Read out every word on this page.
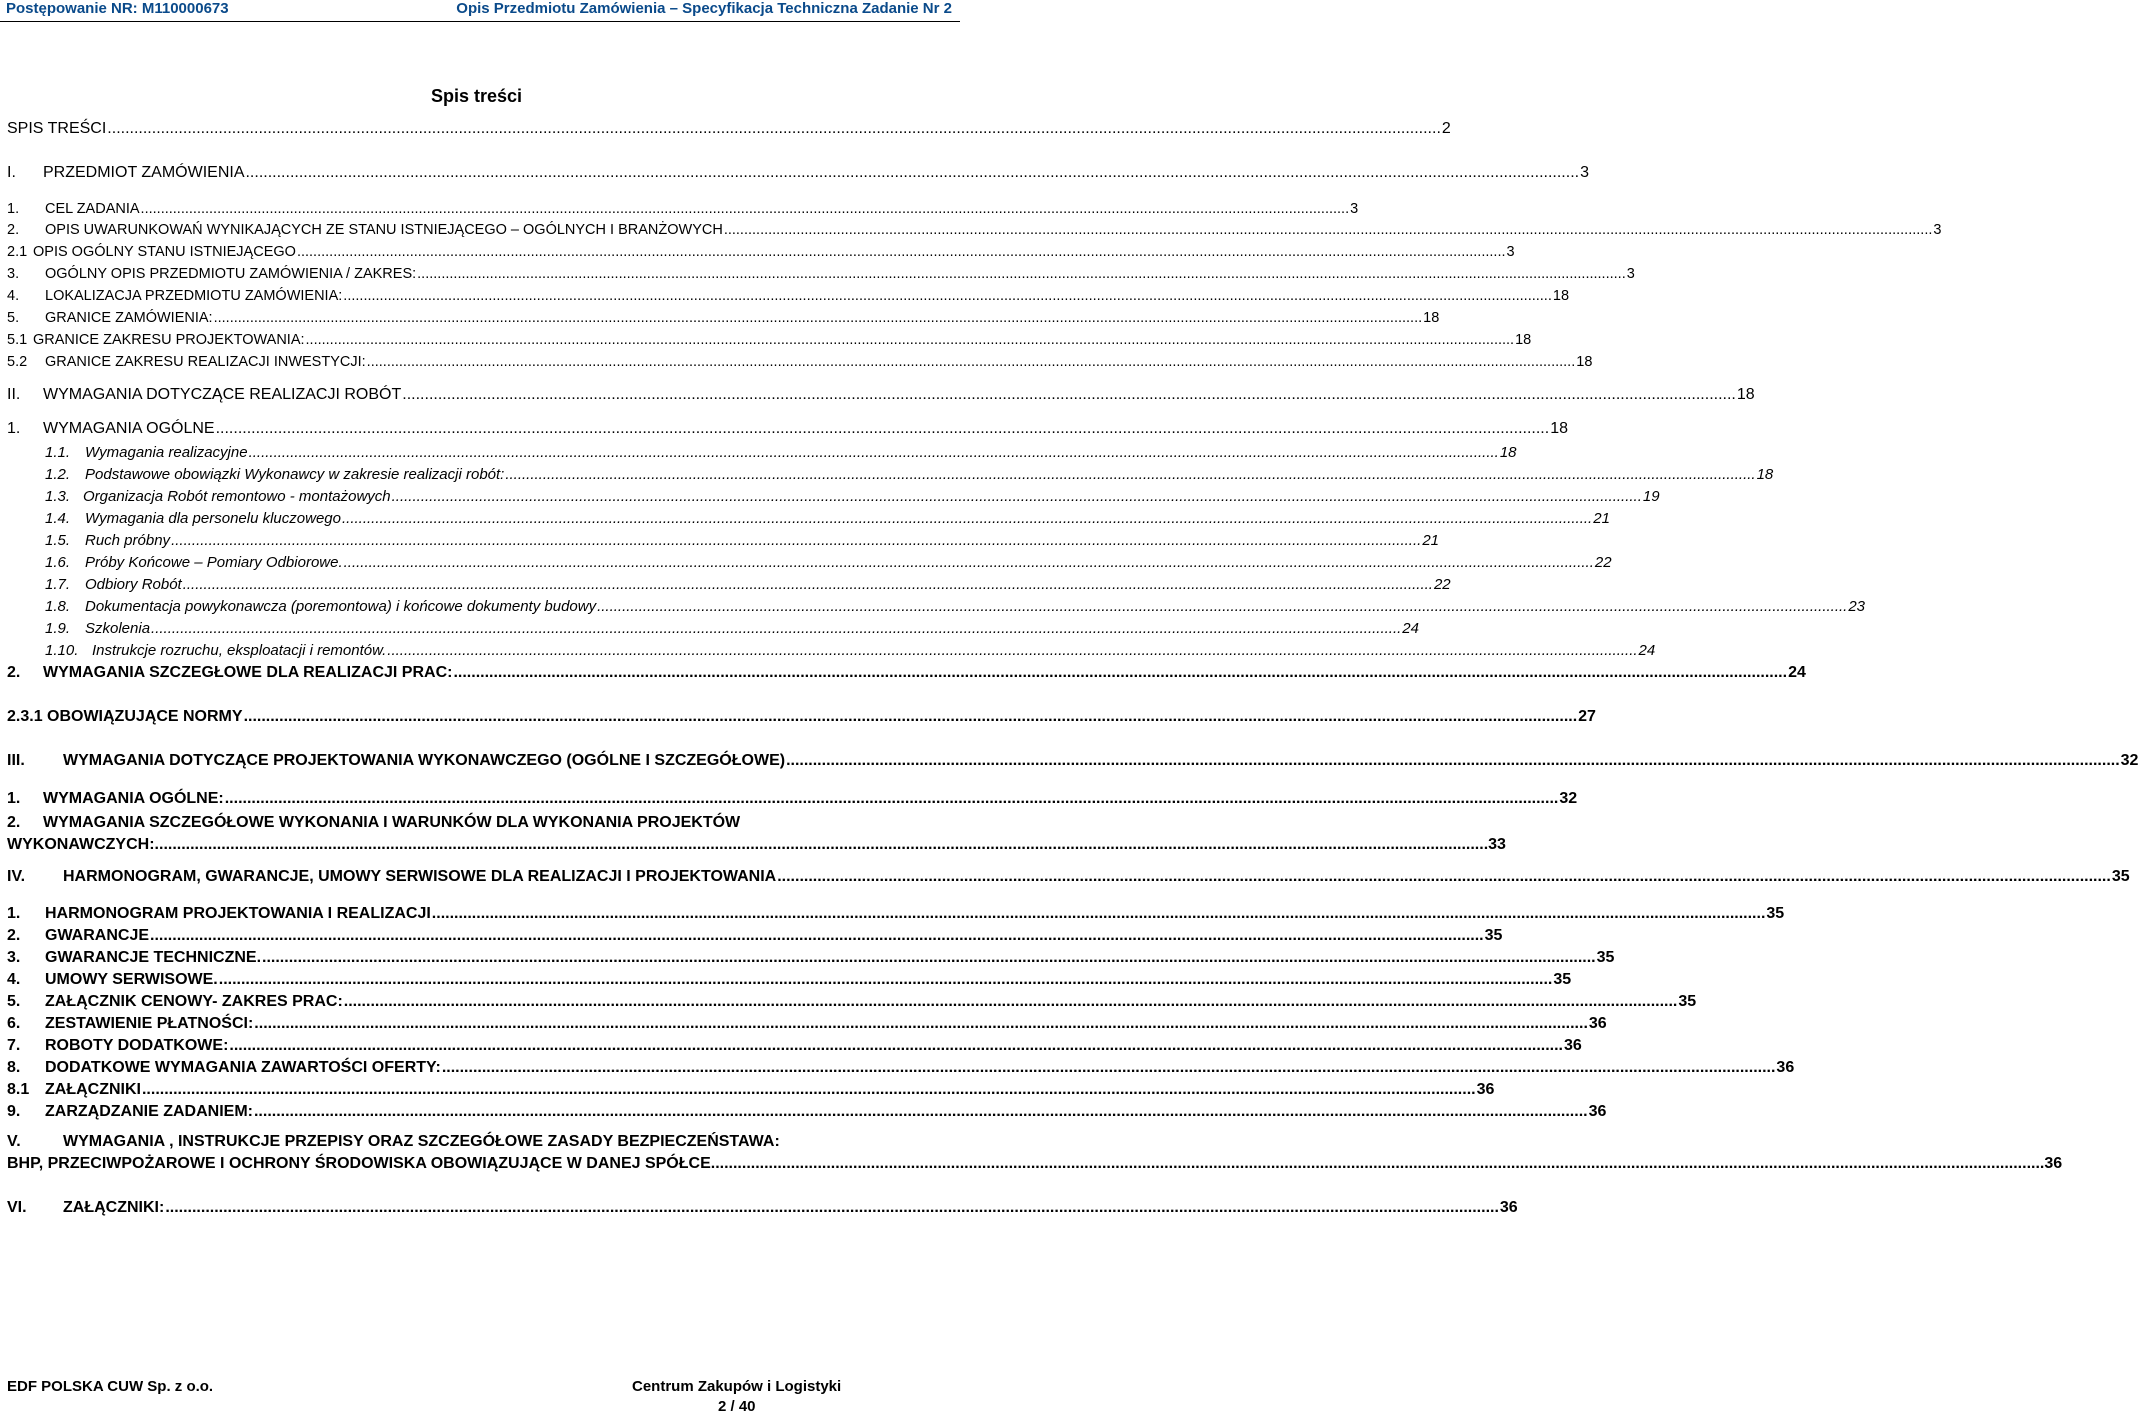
Postępowanie NR: M110000673	Opis Przedmiotu Zamówienia – Specyfikacja Techniczna Zadanie Nr 2
Spis treści
SPIS TREŚCI ............................................................................................................................................................................................................................................................................................................ 2
I.	PRZEDMIOT ZAMÓWIENIA ............................................................................................................................................................................................................................................................................................................ 3
1.	CEL ZADANIA ............................................................................................................................................................................................................................................................................................................ 3
2.	OPIS UWARUNKOWAŃ WYNIKAJĄCYCH ZE STANU ISTNIEJĄCEGO – OGÓLNYCH I BRANŻOWYCH ............................................................................................................................................................................................................................................................................................................ 3
2.1 OPIS OGÓLNY STANU ISTNIEJĄCEGO ............................................................................................................................................................................................................................................................................................................ 3
3.	OGÓLNY OPIS PRZEDMIOTU ZAMÓWIENIA / ZAKRES: ............................................................................................................................................................................................................................................................................................................ 3
4.	LOKALIZACJA PRZEDMIOTU ZAMÓWIENIA: ............................................................................................................................................................................................................................................................................................................ 18
5.	GRANICE ZAMÓWIENIA: ............................................................................................................................................................................................................................................................................................................ 18
5.1 GRANICE ZAKRESU PROJEKTOWANIA: ............................................................................................................................................................................................................................................................................................................ 18
5.2	GRANICE ZAKRESU REALIZACJI INWESTYCJI: ............................................................................................................................................................................................................................................................................................................ 18
II.	WYMAGANIA DOTYCZĄCE REALIZACJI ROBÓT ............................................................................................................................................................................................................................................................................................................ 18
1.	WYMAGANIA OGÓLNE ............................................................................................................................................................................................................................................................................................................ 18
1.1. Wymagania realizacyjne ............................................................................................................................................................................................................................................................................................................ 18
1.2. Podstawowe obowiązki Wykonawcy w zakresie realizacji robót: ............................................................................................................................................................................................................................................................................................................ 18
1.3. Organizacja Robót remontowo - montażowych ............................................................................................................................................................................................................................................................................................................ 19
1.4. Wymagania dla personelu kluczowego ............................................................................................................................................................................................................................................................................................................ 21
1.5. Ruch próbny ............................................................................................................................................................................................................................................................................................................ 21
1.6. Próby Końcowe – Pomiary Odbiorowe. ............................................................................................................................................................................................................................................................................................................ 22
1.7. Odbiory Robót ............................................................................................................................................................................................................................................................................................................ 22
1.8. Dokumentacja powykonawcza (poremontowa) i końcowe dokumenty budowy ............................................................................................................................................................................................................................................................................................................ 23
1.9. Szkolenia ............................................................................................................................................................................................................................................................................................................ 24
1.10. Instrukcje rozruchu, eksploatacji i remontów. ............................................................................................................................................................................................................................................................................................................ 24
2.	WYMAGANIA SZCZEGŁOWE DLA REALIZACJI PRAC: ............................................................................................................................................................................................................................................................................................................ 24
2.3.1 OBOWIĄZUJĄCE NORMY ............................................................................................................................................................................................................................................................................................................ 27
III.	WYMAGANIA DOTYCZĄCE PROJEKTOWANIA WYKONAWCZEGO (OGÓLNE I SZCZEGÓŁOWE) ............................................................................................................................................................................................................................................................................................................ 32
1.	WYMAGANIA OGÓLNE: ............................................................................................................................................................................................................................................................................................................ 32
2. WYMAGANIA SZCZEGÓŁOWE WYKONANIA I WARUNKÓW DLA WYKONANIA PROJEKTÓW
WYKONAWCZYCH: ............................................................................................................................................................................................................................................................................................................ 33
IV.	HARMONOGRAM, GWARANCJE, UMOWY SERWISOWE DLA REALIZACJI I PROJEKTOWANIA ............................................................................................................................................................................................................................................................................................................ 35
1.	HARMONOGRAM PROJEKTOWANIA I REALIZACJI ............................................................................................................................................................................................................................................................................................................ 35
2.	GWARANCJE ............................................................................................................................................................................................................................................................................................................ 35
3.	GWARANCJE TECHNICZNE. ............................................................................................................................................................................................................................................................................................................ 35
4.	UMOWY SERWISOWE. ............................................................................................................................................................................................................................................................................................................ 35
5.	ZAŁĄCZNIK CENOWY- ZAKRES PRAC: ............................................................................................................................................................................................................................................................................................................ 35
6.	ZESTAWIENIE PŁATNOŚCI: ............................................................................................................................................................................................................................................................................................................ 36
7.	ROBOTY DODATKOWE: ............................................................................................................................................................................................................................................................................................................ 36
8.	DODATKOWE WYMAGANIA ZAWARTOŚCI OFERTY: ............................................................................................................................................................................................................................................................................................................ 36
8.1 ZAŁĄCZNIKI ............................................................................................................................................................................................................................................................................................................ 36
9.	ZARZĄDZANIE ZADANIEM: ............................................................................................................................................................................................................................................................................................................ 36
V.	WYMAGANIA , INSTRUKCJE PRZEPISY ORAZ SZCZEGÓŁOWE ZASADY BEZPIECZEŃSTAWA:
BHP, PRZECIWPOŻAROWE I OCHRONY ŚRODOWISKA OBOWIĄZUJĄCE W DANEJ SPÓŁCE ............................................................................................................................................................................................................................................................................................................ 36
VI.	ZAŁĄCZNIKI: ............................................................................................................................................................................................................................................................................................................ 36
EDF POLSKA CUW Sp. z o.o.	Centrum Zakupów i Logistyki
2 / 40
